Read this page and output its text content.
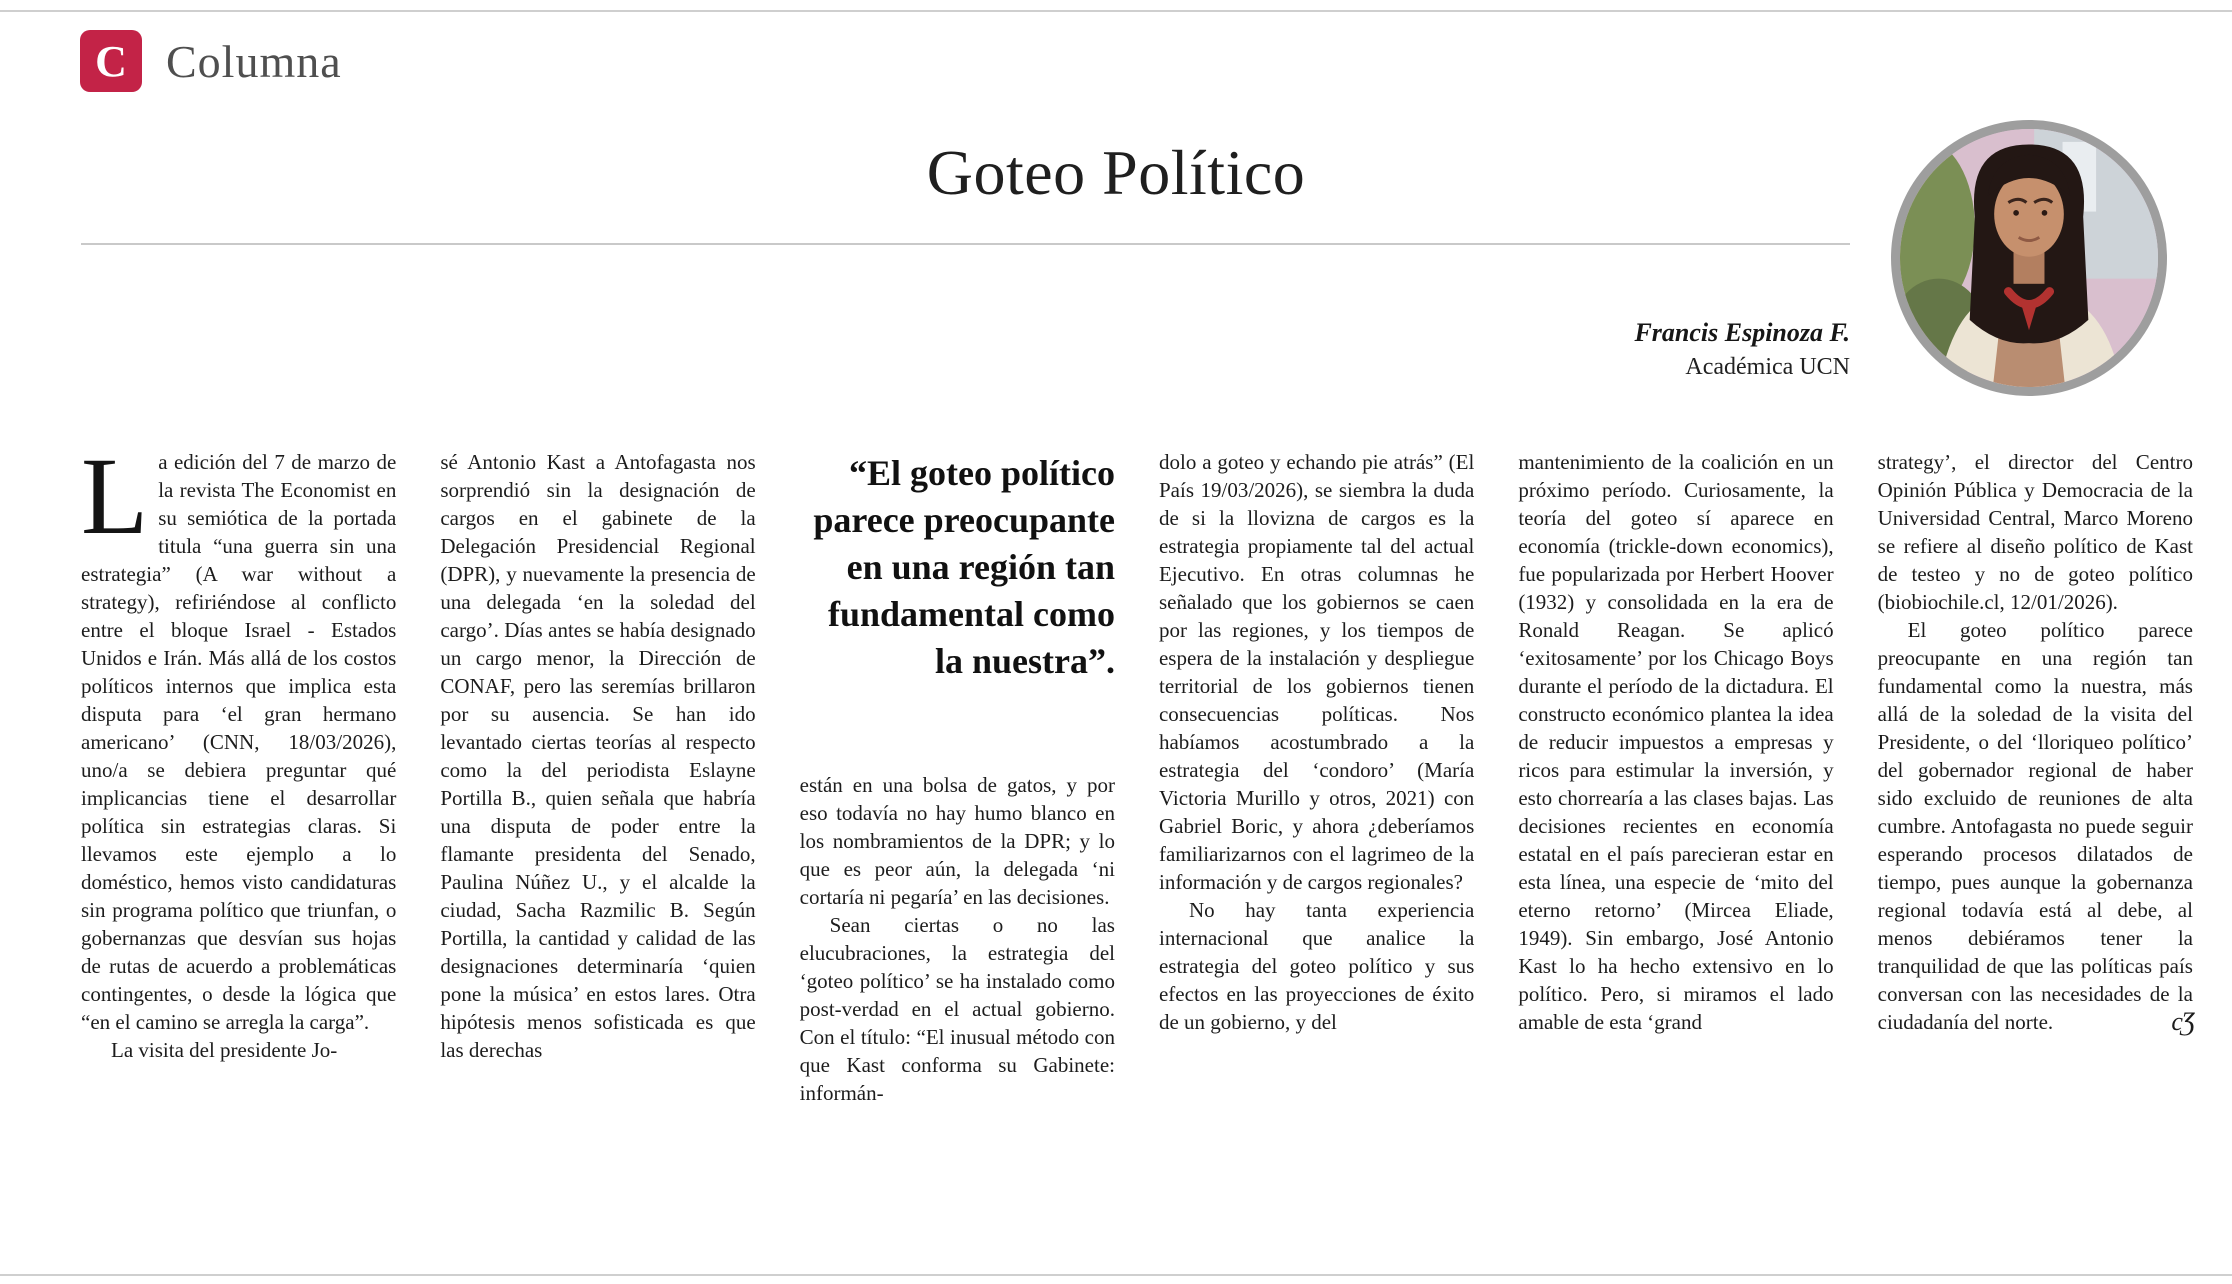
C Columna
Goteo Político
Francis Espinoza F.
Académica UCN

La edición del 7 de marzo de la revista The Economist en su semiótica de la portada titula “una guerra sin una estrategia” (A war without a strategy), refiriéndose al conflicto entre el bloque Israel - Estados Unidos e Irán. Más allá de los costos políticos internos que implica esta disputa para ‘el gran hermano americano’ (CNN, 18/03/2026), uno/a se debiera preguntar qué implicancias tiene el desarrollar política sin estrategias claras. Si llevamos este ejemplo a lo doméstico, hemos visto candidaturas sin programa político que triunfan, o gobernanzas que desvían sus hojas de rutas de acuerdo a problemáticas contingentes, o desde la lógica que “en el camino se arregla la carga”.

La visita del presidente Jo-

sé Antonio Kast a Antofagasta nos sorprendió sin la designación de cargos en el gabinete de la Delegación Presidencial Regional (DPR), y nuevamente la presencia de una delegada ‘en la soledad del cargo’. Días antes se había designado un cargo menor, la Dirección de CONAF, pero las seremías brillaron por su ausencia. Se han ido levantado ciertas teorías al respecto como la del periodista Eslayne Portilla B., quien señala que habría una disputa de poder entre la flamante presidenta del Senado, Paulina Núñez U., y el alcalde la ciudad, Sacha Razmilic B. Según Portilla, la cantidad y calidad de las designaciones determinaría ‘quien pone la música’ en estos lares. Otra hipótesis menos sofisticada es que las derechas

“El goteo político parece preocupante en una región tan fundamental como la nuestra”.

están en una bolsa de gatos, y por eso todavía no hay humo blanco en los nombramientos de la DPR; y lo que es peor aún, la delegada ‘ni cortaría ni pegaría’ en las decisiones.

Sean ciertas o no las elucubraciones, la estrategia del ‘goteo político’ se ha instalado como post-verdad en el actual gobierno. Con el título: “El inusual método con que Kast conforma su Gabinete: informán-

dolo a goteo y echando pie atrás” (El País 19/03/2026), se siembra la duda de si la llovizna de cargos es la estrategia propiamente tal del actual Ejecutivo. En otras columnas he señalado que los gobiernos se caen por las regiones, y los tiempos de espera de la instalación y despliegue territorial de los gobiernos tienen consecuencias políticas. Nos habíamos acostumbrado a la estrategia del ‘condoro’ (María Victoria Murillo y otros, 2021) con Gabriel Boric, y ahora ¿deberíamos familiarizarnos con el lagrimeo de la información y de cargos regionales?

No hay tanta experiencia internacional que analice la estrategia del goteo político y sus efectos en las proyecciones de éxito de un gobierno, y del

mantenimiento de la coalición en un próximo período. Curiosamente, la teoría del goteo sí aparece en economía (trickle-down economics), fue popularizada por Herbert Hoover (1932) y consolidada en la era de Ronald Reagan. Se aplicó ‘exitosamente’ por los Chicago Boys durante el período de la dictadura. El constructo económico plantea la idea de reducir impuestos a empresas y ricos para estimular la inversión, y esto chorrearía a las clases bajas. Las decisiones recientes en economía estatal en el país parecieran estar en esta línea, una especie de ‘mito del eterno retorno’ (Mircea Eliade, 1949). Sin embargo, José Antonio Kast lo ha hecho extensivo en lo político. Pero, si miramos el lado amable de esta ‘grand

strategy’, el director del Centro Opinión Pública y Democracia de la Universidad Central, Marco Moreno se refiere al diseño político de Kast de testeo y no de goteo político (biobiochile.cl, 12/01/2026).

El goteo político parece preocupante en una región tan fundamental como la nuestra, más allá de la soledad de la visita del Presidente, o del ‘lloriqueo político’ del gobernador regional de haber sido excluido de reuniones de alta cumbre. Antofagasta no puede seguir esperando procesos dilatados de tiempo, pues aunque la gobernanza regional todavía está al debe, al menos debiéramos tener la tranquilidad de que las políticas país conversan con las necesidades de la ciudadanía del norte.	cƷ
